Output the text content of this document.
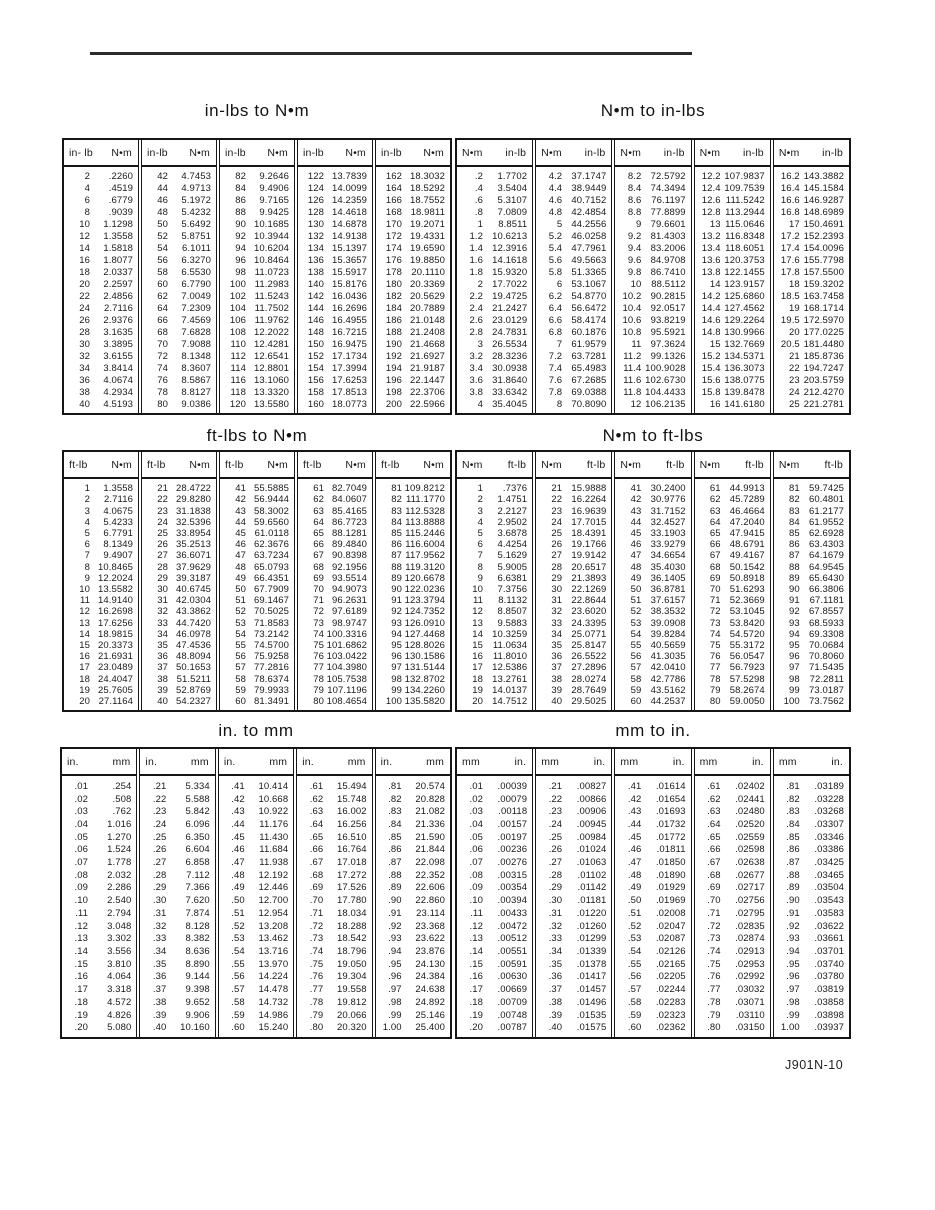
in-lbs to N•m	N•m to in-lbs
in- lb N•m
2	.2260
4	.4519
6	.6779
8	.9039
10	1.1298
12	1.3558
14	1.5818
16	1.8077
18	2.0337
20	2.2597
22	2.4856
24	2.7116
26	2.9376
28	3.1635
30	3.3895
32	3.6155
34	3.8414
36	4.0674
38	4.2934
40	4.5193
in-lb N•m
42	4.7453
44	4.9713
46	5.1972
48	5.4232
50	5.6492
52	5.8751
54	6.1011
56	6.3270
58	6.5530
60	6.7790
62	7.0049
64	7.2309
66	7.4569
68	7.6828
70	7.9088
72	8.1348
74	8.3607
76	8.5867
78	8.8127
80	9.0386
in-lb N•m
82	9.2646
84	9.4906
86	9.7165
88	9.9425
90 10.1685
92 10.3944
94 10.6204
96 10.8464
98 11.0723
100 11.2983
102 11.5243
104 11.7502
106 11.9762
108 12.2022
110 12.4281
112 12.6541
114 12.8801
116 13.1060
118 13.3320
120 13.5580
in-lb N•m
122 13.7839
124 14.0099
126 14.2359
128 14.4618
130 14.6878
132 14.9138
134 15.1397
136 15.3657
138 15.5917
140 15.8176
142 16.0436
144 16.2696
146 16.4955
148 16.7215
150 16.9475
152 17.1734
154 17.3994
156 17.6253
158 17.8513
160 18.0773
in-lb N•m
162 18.3032
164 18.5292
166 18.7552
168 18.9811
170 19.2071
172 19.4331
174 19.6590
176 19.8850
178 20.1110
180 20.3369
182 20.5629
184 20.7889
186 21.0148
188 21.2408
190 21.4668
192 21.6927
194 21.9187
196 22.1447
198 22.3706
200 22.5966
N•m in-lb
.2	1.7702
.4	3.5404
.6	5.3107
.8	7.0809
1	8.8511
1.2 10.6213
1.4 12.3916
1.6 14.1618
1.8 15.9320
2 17.7022
2.2 19.4725
2.4 21.2427
2.6 23.0129
2.8 24.7831
3 26.5534
3.2 28.3236
3.4 30.0938
3.6 31.8640
3.8 33.6342
4 35.4045
N•m in-lb
4.2 37.1747
4.4 38.9449
4.6 40.7152
4.8 42.4854
5 44.2556
5.2 46.0258
5.4 47.7961
5.6 49.5663
5.8 51.3365
6 53.1067
6.2 54.8770
6.4 56.6472
6.6 58.4174
6.8 60.1876
7 61.9579
7.2 63.7281
7.4 65.4983
7.6 67.2685
7.8 69.0388
8 70.8090
N•m in-lb
8.2 72.5792
8.4 74.3494
8.6	76.1197
8.8 77.8899
9 79.6601
9.2 81.4303
9.4 83.2006
9.6 84.9708
9.8 86.7410
10	88.5112
10.2 90.2815
10.4 92.0517
10.6 93.8219
10.8 95.5921
11 97.3624
11.2 99.1326
11.4 100.9028
11.6 102.6730
11.8 104.4433
12 106.2135
N•m in-lb
12.2 107.9837
12.4 109.7539
12.6 111.5242
12.8 113.2944
13 115.0646
13.2 116.8348
13.4 118.6051
13.6 120.3753
13.8 122.1455
14 123.9157
14.2 125.6860
14.4 127.4562
14.6 129.2264
14.8 130.9966
15 132.7669
15.2 134.5371
15.4 136.3073
15.6 138.0775
15.8 139.8478
16 141.6180
N•m in-lb
16.2 143.3882
16.4 145.1584
16.6 146.9287
16.8 148.6989
17 150.4691
17.2 152.2393
17.4 154.0096
17.6 155.7798
17.8 157.5500
18 159.3202
18.5 163.7458
19 168.1714
19.5 172.5970
20 177.0225
20.5 181.4480
21 185.8736
22 194.7247
23 203.5759
24 212.4270
25 221.2781
ft-lbs to N•m	N•m to ft-lbs
ft-lb N•m
1	1.3558
2	2.7116
3	4.0675
4	5.4233
5	6.7791
6	8.1349
7	9.4907
8 10.8465
9 12.2024
10 13.5582
11 14.9140
12 16.2698
13 17.6256
14 18.9815
15 20.3373
16 21.6931
17 23.0489
18 24.4047
19 25.7605
20 27.1164
ft-lb N•m
21 28.4722
22 29.8280
23 31.1838
24 32.5396
25 33.8954
26 35.2513
27 36.6071
28 37.9629
29 39.3187
30 40.6745
31 42.0304
32 43.3862
33 44.7420
34 46.0978
35 47.4536
36 48.8094
37 50.1653
38 51.5211
39 52.8769
40 54.2327
ft-lb N•m
41 55.5885
42 56.9444
43 58.3002
44 59.6560
45 61.0118
46 62.3676
47 63.7234
48 65.0793
49 66.4351
50 67.7909
51 69.1467
52 70.5025
53 71.8583
54 73.2142
55 74.5700
56 75.9258
57 77.2816
58 78.6374
59 79.9933
60 81.3491
ft-lb N•m
61 82.7049
62 84.0607
63 85.4165
64 86.7723
65 88.1281
66 89.4840
67 90.8398
68 92.1956
69 93.5514
70 94.9073
71 96.2631
72 97.6189
73 98.9747
74 100.3316
75 101.6862
76 103.0422
77 104.3980
78 105.7538
79 107.1196
80 108.4654
ft-lb N•m
81 109.8212
82 111.1770
83 112.5328
84 113.8888
85 115.2446
86 116.6004
87 117.9562
88 119.3120
89 120.6678
90 122.0236
91 123.3794
92 124.7352
93 126.0910
94 127.4468
95 128.8026
96 130.1586
97 131.5144
98 132.8702
99 134.2260
100 135.5820
N•m ft-lb
1	.7376
2	1.4751
3	2.2127
4	2.9502
5	3.6878
6	4.4254
7	5.1629
8	5.9005
9	6.6381
10	7.3756
11	8.1132
12	8.8507
13	9.5883
14 10.3259
15	11.0634
16	11.8010
17 12.5386
18 13.2761
19 14.0137
20 14.7512
N•m ft-lb
21 15.9888
22 16.2264
23 16.9639
24 17.7015
25 18.4391
26 19.1766
27 19.9142
28 20.6517
29 21.3893
30 22.1269
31 22.8644
32 23.6020
33 24.3395
34 25.0771
35 25.8147
36 26.5522
37 27.2896
38 28.0274
39 28.7649
40 29.5025
N•m ft-lb
41 30.2400
42 30.9776
43 31.7152
44 32.4527
45 33.1903
46 33.9279
47 34.6654
48 35.4030
49 36.1405
50 36.8781
51 37.6157
52 38.3532
53 39.0908
54 39.8284
55 40.5659
56 41.3035
57 42.0410
58 42.7786
59 43.5162
60 44.2537
N•m ft-lb
61 44.9913
62 45.7289
63 46.4664
64 47.2040
65 47.9415
66 48.6791
67 49.4167
68 50.1542
69 50.8918
70 51.6293
71 52.3669
72 53.1045
73 53.8420
74 54.5720
75 55.3172
76 56.0547
77 56.7923
78 57.5298
79 58.2674
80 59.0050
N•m ft-lb
81 59.7425
82 60.4801
83 61.2177
84 61.9552
85 62.6928
86 63.4303
87 64.1679
88 64.9545
89 65.6430
90 66.3806
91	67.1181
92 67.8557
93 68.5933
94 69.3308
95 70.0684
96 70.8060
97 71.5435
98	72.2811
99 73.0187
100 73.7562
in. to mm	mm to in.
in.	mm
.01	.254
.02	.508
.03	.762
.04	1.016
.05	1.270
.06	1.524
.07	1.778
.08	2.032
.09	2.286
.10	2.540
.11	2.794
.12	3.048
.13	3.302
.14	3.556
.15	3.810
.16	4.064
.17	3.318
.18	4.572
.19	4.826
.20	5.080
in.	mm
.21	5.334
.22	5.588
.23	5.842
.24	6.096
.25	6.350
.26	6.604
.27	6.858
.28	7.112
.29	7.366
.30	7.620
.31	7.874
.32	8.128
.33	8.382
.34	8.636
.35	8.890
.36	9.144
.37	9.398
.38	9.652
.39	9.906
.40	10.160
in.	mm
.41	10.414
.42	10.668
.43	10.922
.44	11.176
.45	11.430
.46	11.684
.47	11.938
.48	12.192
.49	12.446
.50	12.700
.51	12.954
.52	13.208
.53	13.462
.54	13.716
.55	13.970
.56	14.224
.57	14.478
.58	14.732
.59	14.986
.60	15.240
in.	mm
.61	15.494
.62	15.748
.63	16.002
.64	16.256
.65	16.510
.66	16.764
.67	17.018
.68	17.272
.69	17.526
.70	17.780
.71	18.034
.72	18.288
.73	18.542
.74	18.796
.75	19.050
.76	19.304
.77	19.558
.78	19.812
.79	20.066
.80	20.320
in.	mm
.81	20.574
.82	20.828
.83	21.082
.84	21.336
.85	21.590
.86	21.844
.87	22.098
.88	22.352
.89	22.606
.90	22.860
.91	23.114
.92	23.368
.93	23.622
.94	23.876
.95	24.130
.96	24.384
.97	24.638
.98	24.892
.99	25.146
1.00	25.400
mm	in.
.01	.00039
.02	.00079
.03	.00118
.04	.00157
.05	.00197
.06	.00236
.07	.00276
.08	.00315
.09	.00354
.10	.00394
.11	.00433
.12	.00472
.13	.00512
.14	.00551
.15	.00591
.16	.00630
.17	.00669
.18	.00709
.19	.00748
.20	.00787
mm	in.
.21	.00827
.22	.00866
.23	.00906
.24	.00945
.25	.00984
.26	.01024
.27	.01063
.28	.01102
.29	.01142
.30	.01181
.31	.01220
.32	.01260
.33	.01299
.34	.01339
.35	.01378
.36	.01417
.37	.01457
.38	.01496
.39	.01535
.40	.01575
mm	in.
.41	.01614
.42	.01654
.43	.01693
.44	.01732
.45	.01772
.46	.01811
.47	.01850
.48	.01890
.49	.01929
.50	.01969
.51	.02008
.52	.02047
.53	.02087
.54	.02126
.55	.02165
.56	.02205
.57	.02244
.58	.02283
.59	.02323
.60	.02362
mm	in.
.61	.02402
.62	.02441
.63	.02480
.64	.02520
.65	.02559
.66	.02598
.67	.02638
.68	.02677
.69	.02717
.70	.02756
.71	.02795
.72	.02835
.73	.02874
.74	.02913
.75	.02953
.76	.02992
.77	.03032
.78	.03071
.79	.03110
.80	.03150
mm	in.
.81	.03189
.82	.03228
.83	.03268
.84	.03307
.85	.03346
.86	.03386
.87	.03425
.88	.03465
.89	.03504
.90	.03543
.91	.03583
.92	.03622
.93	.03661
.94	.03701
.95	.03740
.96	.03780
.97	.03819
.98	.03858
.99	.03898
1.00	.03937
J901N-10
